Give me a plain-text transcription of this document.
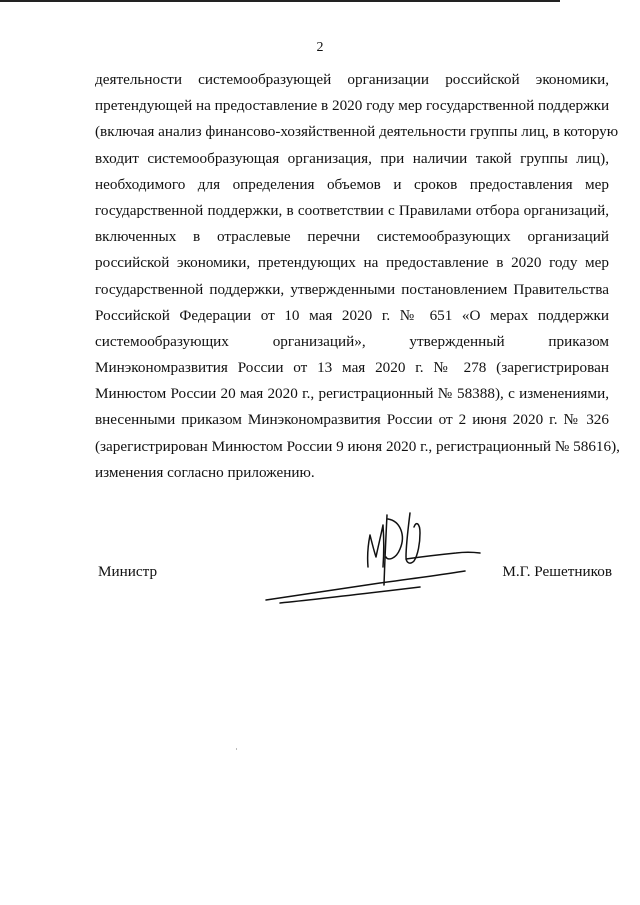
2
деятельности системообразующей организации российской экономики,
претендующей на предоставление в 2020 году мер государственной поддержки
(включая анализ финансово-хозяйственной деятельности группы лиц, в которую
входит системообразующая организация, при наличии такой группы лиц),
необходимого для определения объемов и сроков предоставления мер
государственной поддержки, в соответствии с Правилами отбора организаций,
включенных в отраслевые перечни системообразующих организаций
российской экономики, претендующих на предоставление в 2020 году мер
государственной поддержки, утвержденными постановлением Правительства
Российской Федерации от 10 мая 2020 г. № 651 «О мерах поддержки
системообразующих организаций», утвержденный приказом
Минэкономразвития России от 13 мая 2020 г. № 278 (зарегистрирован
Минюстом России 20 мая 2020 г., регистрационный № 58388), с изменениями,
внесенными приказом Минэкономразвития России от 2 июня 2020 г. № 326
(зарегистрирован Минюстом России 9 июня 2020 г., регистрационный № 58616),
изменения согласно приложению.
Министр	М.Г. Решетников
